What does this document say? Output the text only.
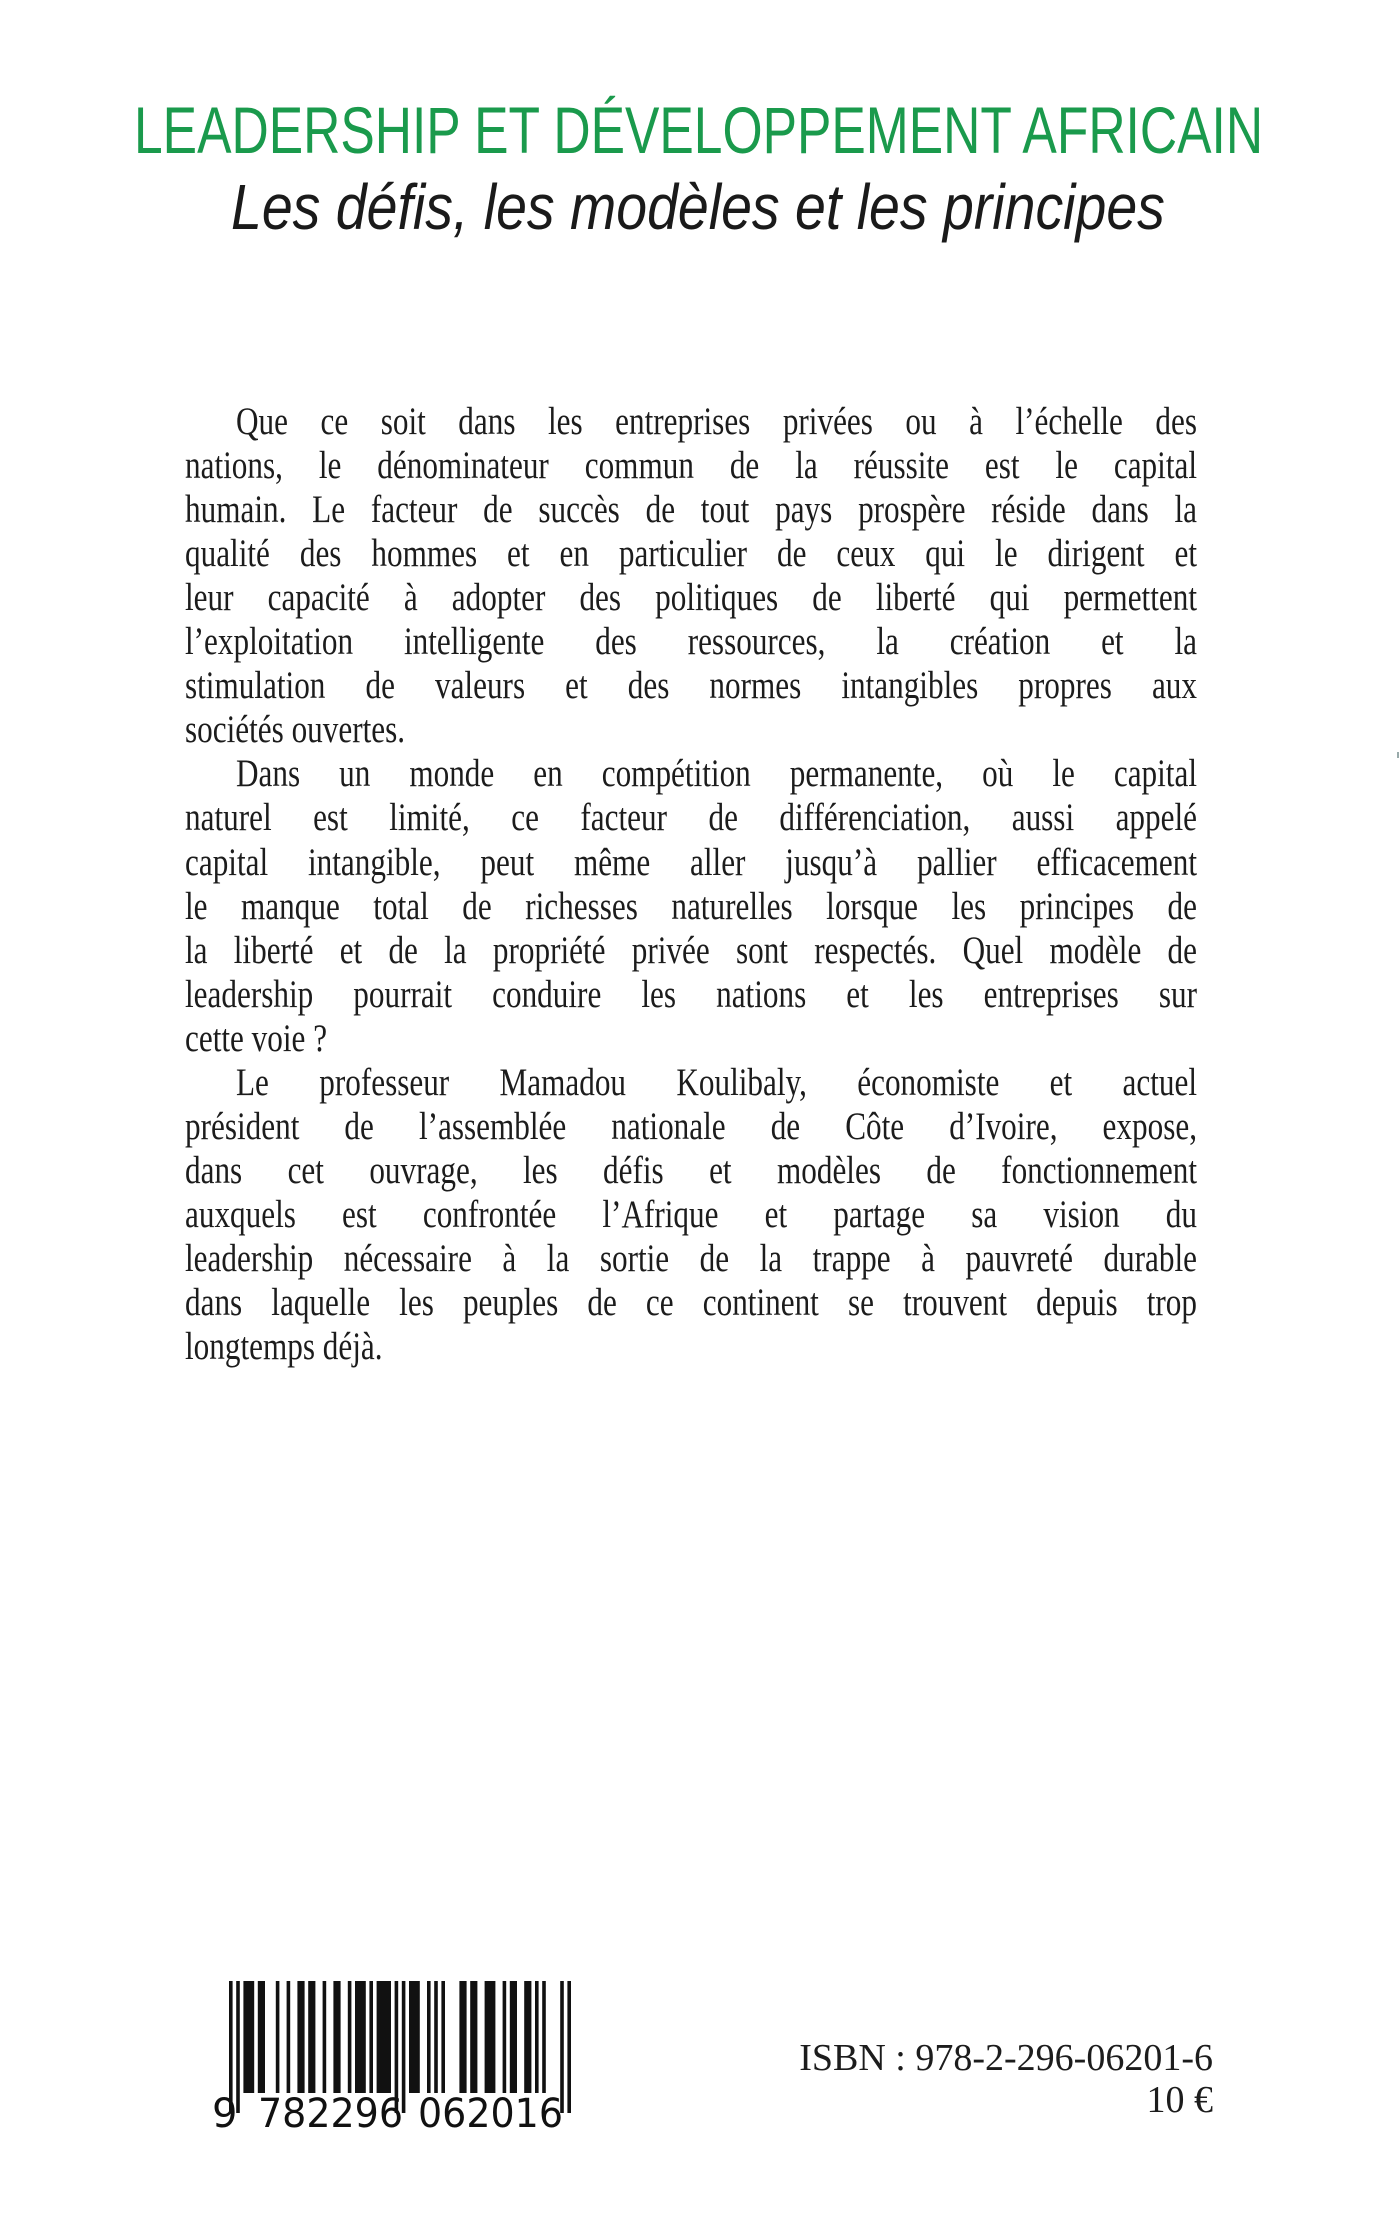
LEADERSHIP ET DÉVELOPPEMENT AFRICAIN
Les défis, les modèles et les principes
Que ce soit dans les entreprises privées ou à l’échelle des
nations, le dénominateur commun de la réussite est le capital
humain. Le facteur de succès de tout pays prospère réside dans la
qualité des hommes et en particulier de ceux qui le dirigent et
leur capacité à adopter des politiques de liberté qui permettent
l’exploitation intelligente des ressources, la création et la
stimulation de valeurs et des normes intangibles propres aux
sociétés ouvertes.
Dans un monde en compétition permanente, où le capital
naturel est limité, ce facteur de différenciation, aussi appelé
capital intangible, peut même aller jusqu’à pallier efficacement
le manque total de richesses naturelles lorsque les principes de
la liberté et de la propriété privée sont respectés. Quel modèle de
leadership pourrait conduire les nations et les entreprises sur
cette voie ?
Le professeur Mamadou Koulibaly, économiste et actuel
président de l’assemblée nationale de Côte d’Ivoire, expose,
dans cet ouvrage, les défis et modèles de fonctionnement
auxquels est confrontée l’Afrique et partage sa vision du
leadership nécessaire à la sortie de la trappe à pauvreté durable
dans laquelle les peuples de ce continent se trouvent depuis trop
longtemps déjà.
9 782296 062016
ISBN : 978-2-296-06201-6
10 €
